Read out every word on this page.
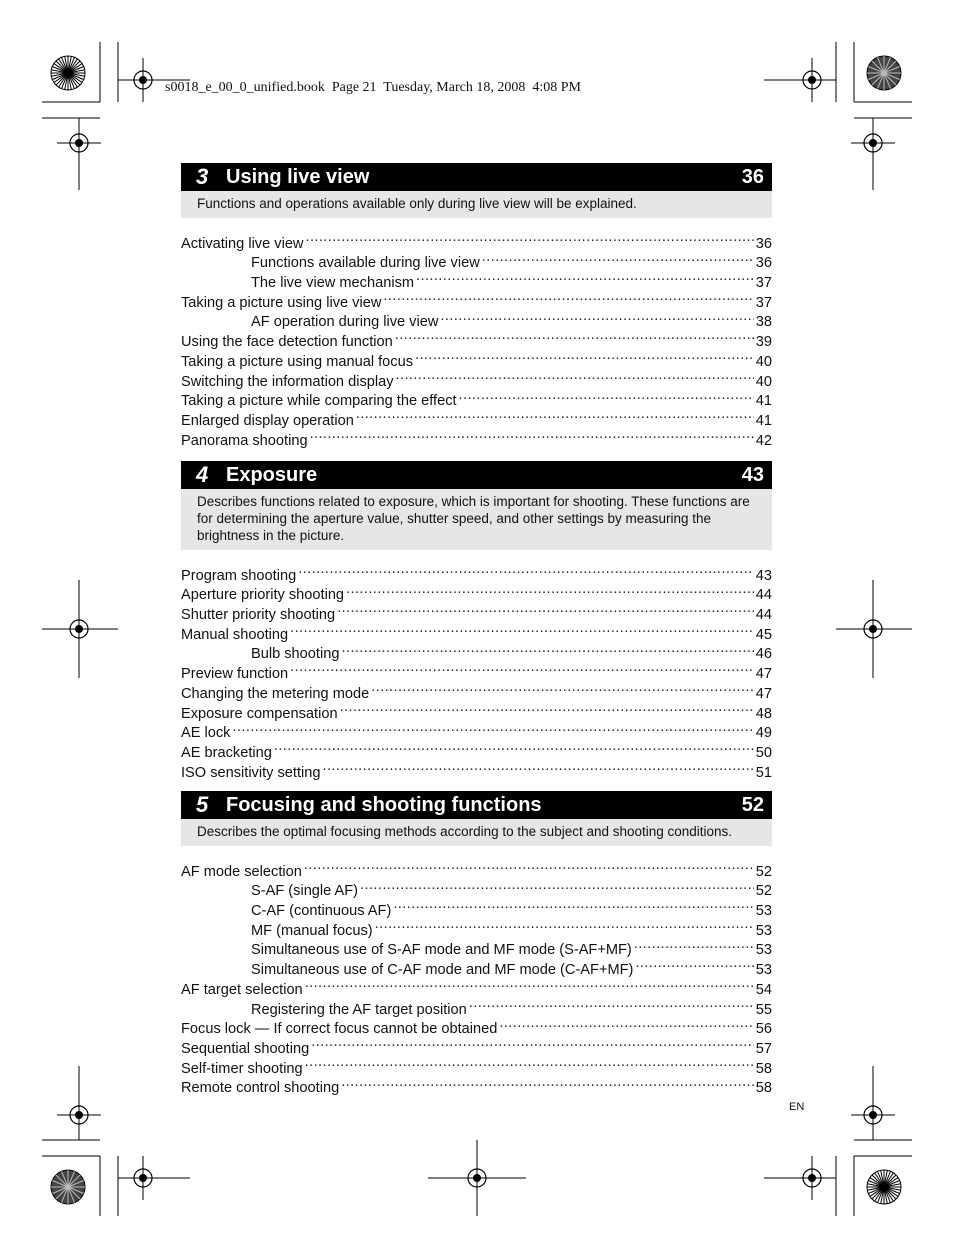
s0018_e_00_0_unified.book  Page 21  Tuesday, March 18, 2008  4:08 PM
3 Using live view	36
Functions and operations available only during live view will be explained.
Activating live view .....	36
Functions available during live view .....	36
The live view mechanism .....	37
Taking a picture using live view .....	37
AF operation during live view .....	38
Using the face detection function .....	39
Taking a picture using manual focus .....	40
Switching the information display .....	40
Taking a picture while comparing the effect .....	41
Enlarged display operation .....	41
Panorama shooting .....	42
4 Exposure	43
Describes functions related to exposure, which is important for shooting. These functions are for determining the aperture value, shutter speed, and other settings by measuring the brightness in the picture.
Program shooting .....	43
Aperture priority shooting .....	44
Shutter priority shooting .....	44
Manual shooting .....	45
Bulb shooting .....	46
Preview function .....	47
Changing the metering mode .....	47
Exposure compensation .....	48
AE lock .....	49
AE bracketing .....	50
ISO sensitivity setting .....	51
5 Focusing and shooting functions	52
Describes the optimal focusing methods according to the subject and shooting conditions.
AF mode selection .....	52
S-AF (single AF) .....	52
C-AF (continuous AF) .....	53
MF (manual focus) .....	53
Simultaneous use of S-AF mode and MF mode (S-AF+MF) .....	53
Simultaneous use of C-AF mode and MF mode (C-AF+MF) .....	53
AF target selection .....	54
Registering the AF target position .....	55
Focus lock — If correct focus cannot be obtained .....	56
Sequential shooting .....	57
Self-timer shooting .....	58
Remote control shooting .....	58
EN
